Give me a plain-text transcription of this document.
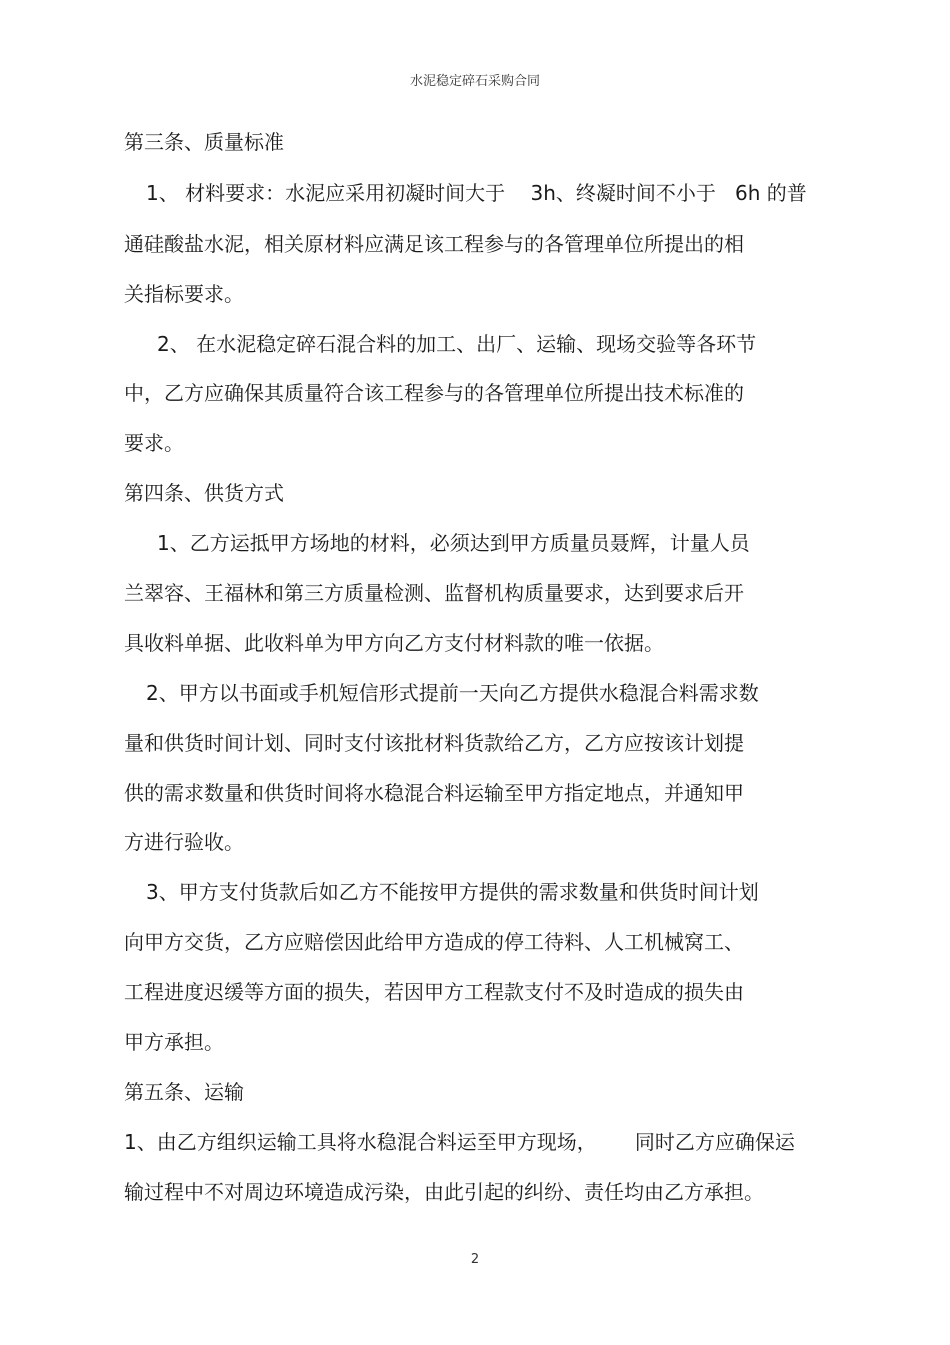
水泥稳定碎石采购合同
第三条、质量标准
1、 材料要求：水泥应采用初凝时间大于    3h、终凝时间不小于   6h 的普
通硅酸盐水泥，相关原材料应满足该工程参与的各管理单位所提出的相
关指标要求。
2、 在水泥稳定碎石混合料的加工、出厂、运输、现场交验等各环节
中，乙方应确保其质量符合该工程参与的各管理单位所提出技术标准的
要求。
第四条、供货方式
1、乙方运抵甲方场地的材料，必须达到甲方质量员聂辉，计量人员
兰翠容、王福林和第三方质量检测、监督机构质量要求，达到要求后开
具收料单据、此收料单为甲方向乙方支付材料款的唯一依据。
2、甲方以书面或手机短信形式提前一天向乙方提供水稳混合料需求数
量和供货时间计划、同时支付该批材料货款给乙方，乙方应按该计划提
供的需求数量和供货时间将水稳混合料运输至甲方指定地点，并通知甲
方进行验收。
3、甲方支付货款后如乙方不能按甲方提供的需求数量和供货时间计划
向甲方交货，乙方应赔偿因此给甲方造成的停工待料、人工机械窝工、
工程进度迟缓等方面的损失，若因甲方工程款支付不及时造成的损失由
甲方承担。
第五条、运输
1、由乙方组织运输工具将水稳混合料运至甲方现场，      同时乙方应确保运
输过程中不对周边环境造成污染，由此引起的纠纷、责任均由乙方承担。
2
